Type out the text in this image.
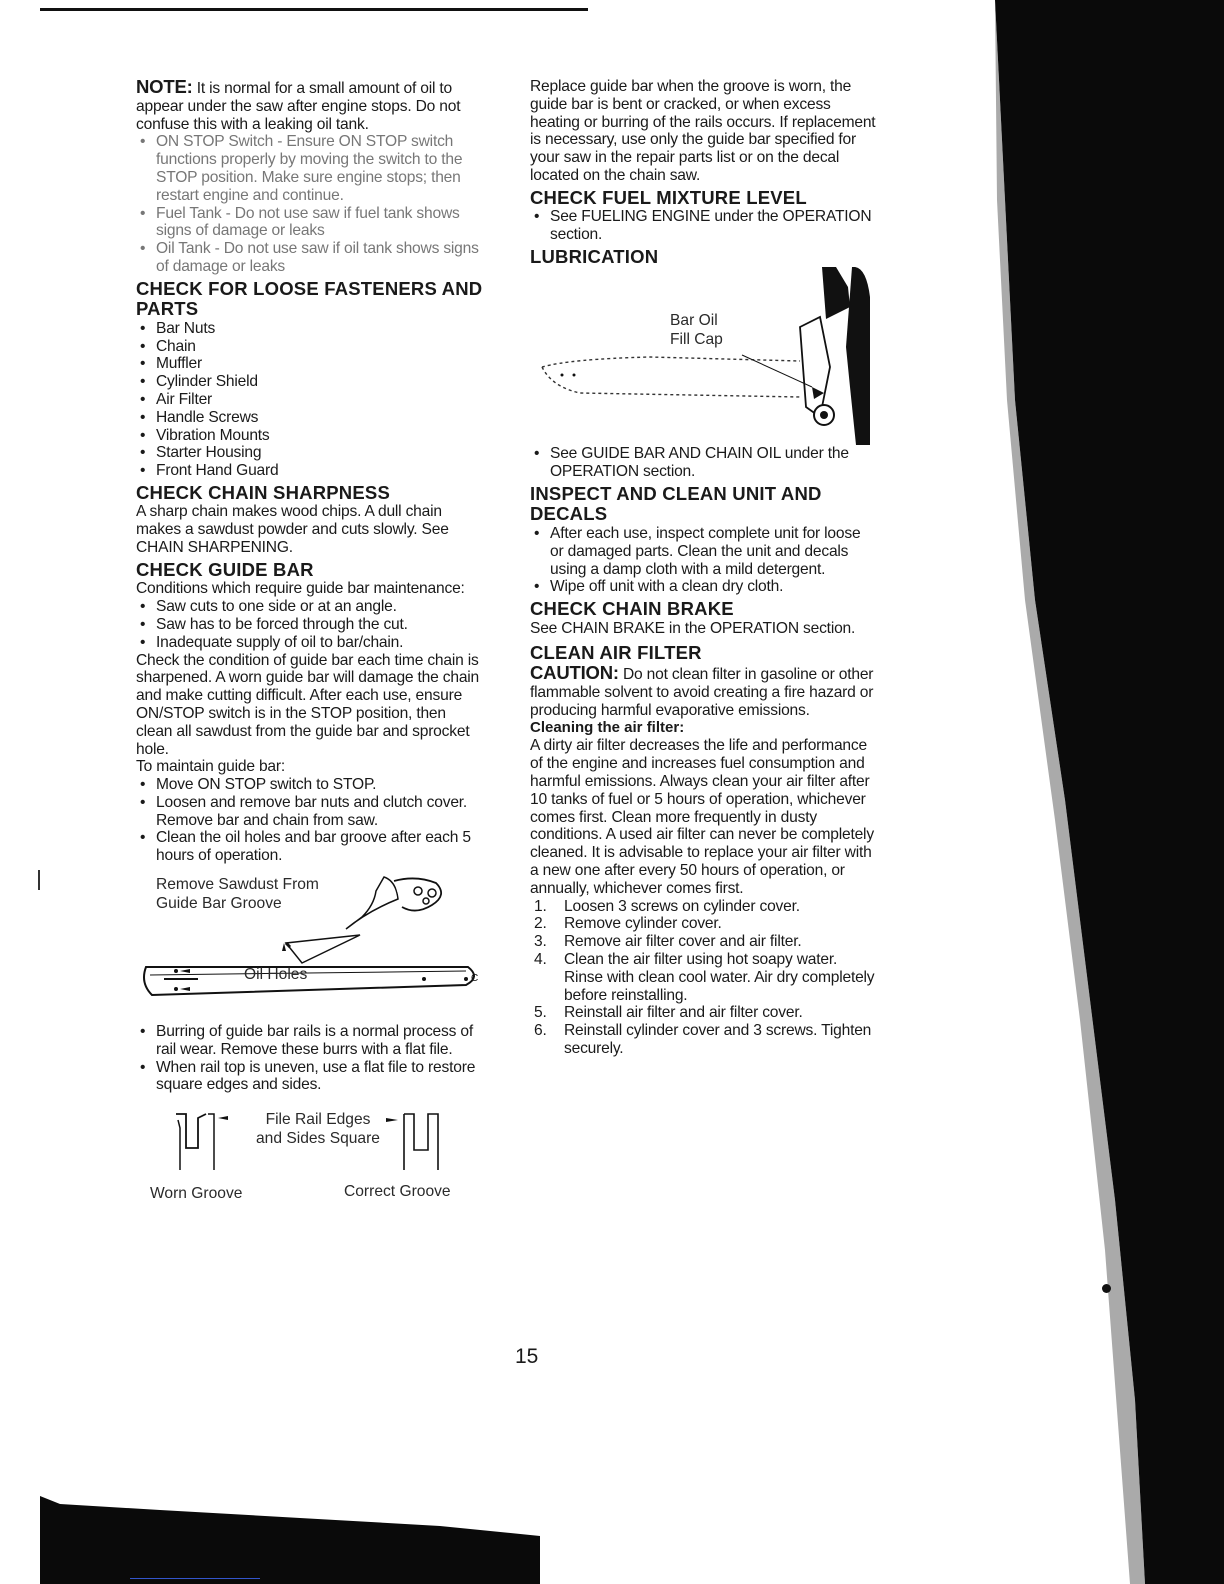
NOTE: It is normal for a small amount of oil to appear under the saw after engine stops. Do not confuse this with a leaking oil tank.

• ON STOP Switch - Ensure ON STOP switch functions properly by moving the switch to the STOP position. Make sure engine stops; then restart engine and continue.
• Fuel Tank - Do not use saw if fuel tank shows signs of damage or leaks
• Oil Tank - Do not use saw if oil tank shows signs of damage or leaks

CHECK FOR LOOSE FASTENERS AND PARTS

• Bar Nuts
• Chain
• Muffler
• Cylinder Shield
• Air Filter
• Handle Screws
• Vibration Mounts
• Starter Housing
• Front Hand Guard

CHECK CHAIN SHARPNESS

A sharp chain makes wood chips. A dull chain makes a sawdust powder and cuts slowly. See CHAIN SHARPENING.

CHECK GUIDE BAR

Conditions which require guide bar maintenance:

• Saw cuts to one side or at an angle.
• Saw has to be forced through the cut.
• Inadequate supply of oil to bar/chain.

Check the condition of guide bar each time chain is sharpened. A worn guide bar will damage the chain and make cutting difficult. After each use, ensure ON/STOP switch is in the STOP position, then clean all sawdust from the guide bar and sprocket hole.

To maintain guide bar:

• Move ON STOP switch to STOP.
• Loosen and remove bar nuts and clutch cover. Remove bar and chain from saw.
• Clean the oil holes and bar groove after each 5 hours of operation.
C
Remove Sawdust From Guide Bar Groove
Oil Holes
• Burring of guide bar rails is a normal process of rail wear. Remove these burrs with a flat file.
• When rail top is uneven, use a flat file to restore square edges and sides.
File Rail Edges and Sides Square
Worn Groove	Correct Groove

Replace guide bar when the groove is worn, the guide bar is bent or cracked, or when excess heating or burring of the rails occurs. If replacement is necessary, use only the guide bar specified for your saw in the repair parts list or on the decal located on the chain saw.

CHECK FUEL MIXTURE LEVEL

• See FUELING ENGINE under the OPERATION section.

LUBRICATION

Bar Oil Fill Cap
• See GUIDE BAR AND CHAIN OIL under the OPERATION section.

INSPECT AND CLEAN UNIT AND DECALS

• After each use, inspect complete unit for loose or damaged parts. Clean the unit and decals using a damp cloth with a mild detergent.
• Wipe off unit with a clean dry cloth.

CHECK CHAIN BRAKE

See CHAIN BRAKE in the OPERATION section.

CLEAN AIR FILTER

CAUTION: Do not clean filter in gasoline or other flammable solvent to avoid creating a fire hazard or producing harmful evaporative emissions.

Cleaning the air filter:

A dirty air filter decreases the life and performance of the engine and increases fuel consumption and harmful emissions. Always clean your air filter after 10 tanks of fuel or 5 hours of operation, whichever comes first. Clean more frequently in dusty conditions. A used air filter can never be completely cleaned. It is advisable to replace your air filter with a new one after every 50 hours of operation, or annually, whichever comes first.

1. Loosen 3 screws on cylinder cover.
2. Remove cylinder cover.
3. Remove air filter cover and air filter.
4. Clean the air filter using hot soapy water. Rinse with clean cool water. Air dry completely before reinstalling.
5. Reinstall air filter and air filter cover.
6. Reinstall cylinder cover and 3 screws. Tighten securely.
15
